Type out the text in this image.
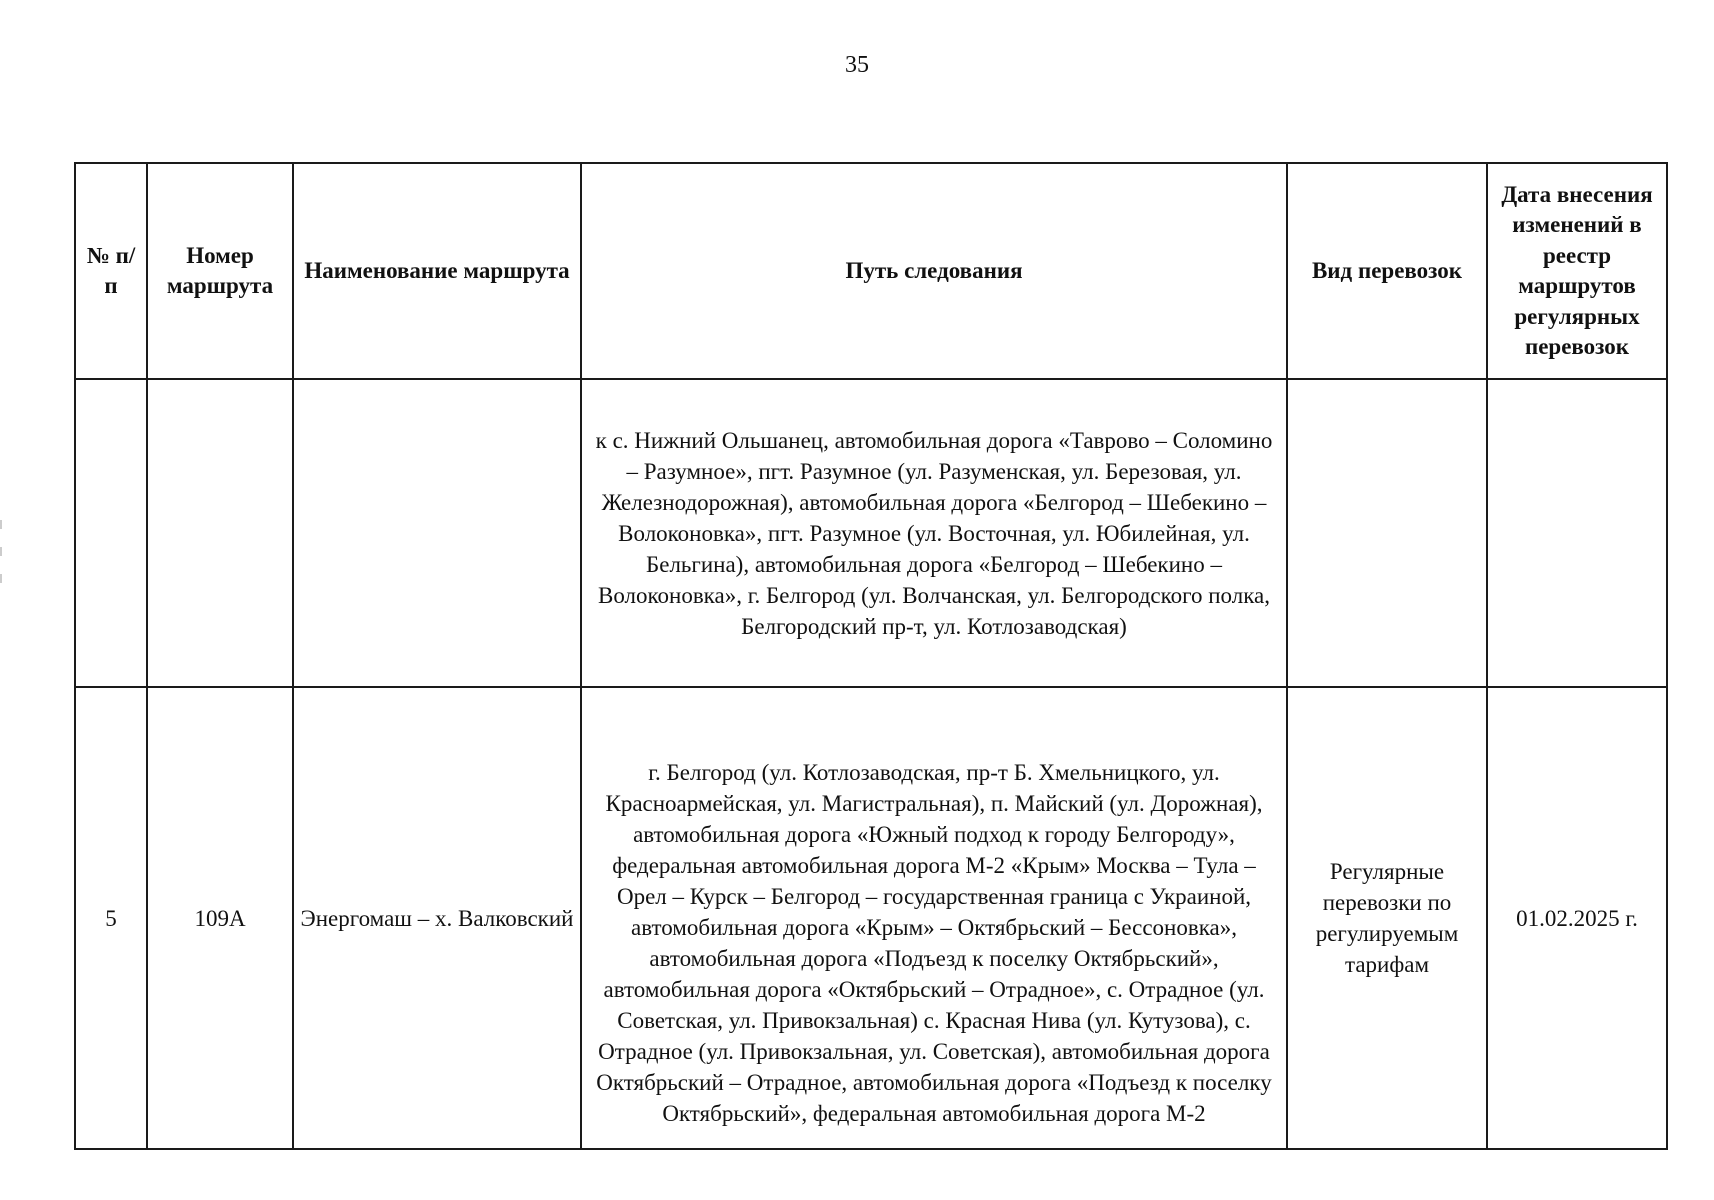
35
№ п/п	Номер маршрута	Наименование маршрута	Путь следования	Вид перевозок	Дата внесения изменений в реестр маршрутов регулярных перевозок

			к с. Нижний Ольшанец, автомобильная дорога «Таврово – Соломино – Разумное», пгт. Разумное (ул. Разуменская, ул. Березовая, ул. Железнодорожная), автомобильная дорога «Белгород – Шебекино – Волоконовка», пгт. Разумное (ул. Восточная, ул. Юбилейная, ул. Бельгина), автомобильная дорога «Белгород – Шебекино – Волоконовка», г. Белгород (ул. Волчанская, ул. Белгородского полка, Белгородский пр-т, ул. Котлозаводская)		

5	109А	Энергомаш – х. Валковский	г. Белгород (ул. Котлозаводская, пр-т Б. Хмельницкого, ул. Красноармейская, ул. Магистральная), п. Майский (ул. Дорожная), автомобильная дорога «Южный подход к городу Белгороду», федеральная автомобильная дорога М-2 «Крым» Москва – Тула – Орел – Курск – Белгород – государственная граница с Украиной, автомобильная дорога «Крым» – Октябрьский – Бессоновка», автомобильная дорога «Подъезд к поселку Октябрьский», автомобильная дорога «Октябрьский – Отрадное», с. Отрадное (ул. Советская, ул. Привокзальная) с. Красная Нива (ул. Кутузова), с. Отрадное (ул. Привокзальная, ул. Советская), автомобильная дорога Октябрьский – Отрадное, автомобильная дорога «Подъезд к поселку Октябрьский», федеральная автомобильная дорога М-2	Регулярные перевозки по регулируемым тарифам	01.02.2025 г.
